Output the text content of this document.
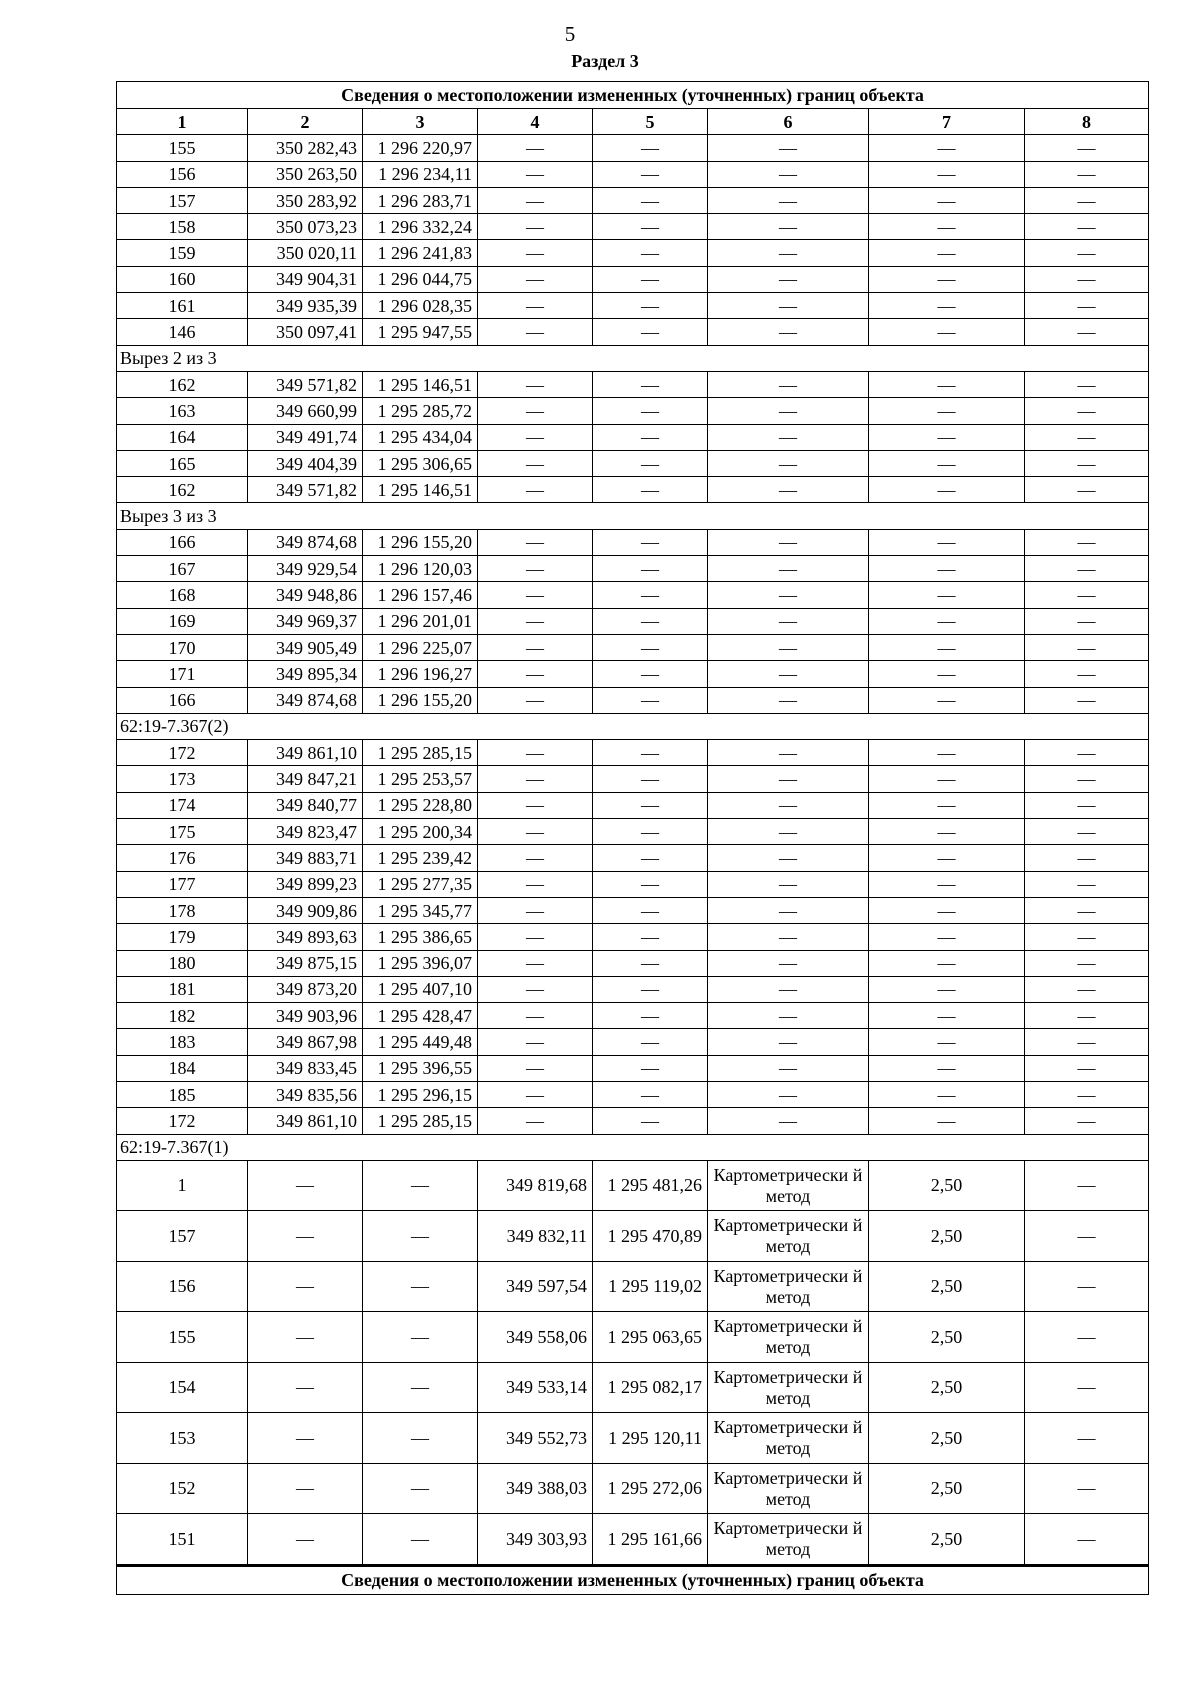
5
Раздел 3
Сведения о местоположении измененных (уточненных) границ объекта							
1	2	3	4	5	6	7	8
155	350 282,43	1 296 220,97	—	—	—	—	—
156	350 263,50	1 296 234,11	—	—	—	—	—
157	350 283,92	1 296 283,71	—	—	—	—	—
158	350 073,23	1 296 332,24	—	—	—	—	—
159	350 020,11	1 296 241,83	—	—	—	—	—
160	349 904,31	1 296 044,75	—	—	—	—	—
161	349 935,39	1 296 028,35	—	—	—	—	—
146	350 097,41	1 295 947,55	—	—	—	—	—
Вырез 2 из 3							
162	349 571,82	1 295 146,51	—	—	—	—	—
163	349 660,99	1 295 285,72	—	—	—	—	—
164	349 491,74	1 295 434,04	—	—	—	—	—
165	349 404,39	1 295 306,65	—	—	—	—	—
162	349 571,82	1 295 146,51	—	—	—	—	—
Вырез 3 из 3							
166	349 874,68	1 296 155,20	—	—	—	—	—
167	349 929,54	1 296 120,03	—	—	—	—	—
168	349 948,86	1 296 157,46	—	—	—	—	—
169	349 969,37	1 296 201,01	—	—	—	—	—
170	349 905,49	1 296 225,07	—	—	—	—	—
171	349 895,34	1 296 196,27	—	—	—	—	—
166	349 874,68	1 296 155,20	—	—	—	—	—
62:19-7.367(2)							
172	349 861,10	1 295 285,15	—	—	—	—	—
173	349 847,21	1 295 253,57	—	—	—	—	—
174	349 840,77	1 295 228,80	—	—	—	—	—
175	349 823,47	1 295 200,34	—	—	—	—	—
176	349 883,71	1 295 239,42	—	—	—	—	—
177	349 899,23	1 295 277,35	—	—	—	—	—
178	349 909,86	1 295 345,77	—	—	—	—	—
179	349 893,63	1 295 386,65	—	—	—	—	—
180	349 875,15	1 295 396,07	—	—	—	—	—
181	349 873,20	1 295 407,10	—	—	—	—	—
182	349 903,96	1 295 428,47	—	—	—	—	—
183	349 867,98	1 295 449,48	—	—	—	—	—
184	349 833,45	1 295 396,55	—	—	—	—	—
185	349 835,56	1 295 296,15	—	—	—	—	—
172	349 861,10	1 295 285,15	—	—	—	—	—
62:19-7.367(1)							
1	—	—	349 819,68	1 295 481,26	Картометрически й метод	2,50	—
157	—	—	349 832,11	1 295 470,89	Картометрически й метод	2,50	—
156	—	—	349 597,54	1 295 119,02	Картометрически й метод	2,50	—
155	—	—	349 558,06	1 295 063,65	Картометрически й метод	2,50	—
154	—	—	349 533,14	1 295 082,17	Картометрически й метод	2,50	—
153	—	—	349 552,73	1 295 120,11	Картометрически й метод	2,50	—
152	—	—	349 388,03	1 295 272,06	Картометрически й метод	2,50	—
151	—	—	349 303,93	1 295 161,66	Картометрически й метод	2,50	—
Сведения о местоположении измененных (уточненных) границ объекта							
